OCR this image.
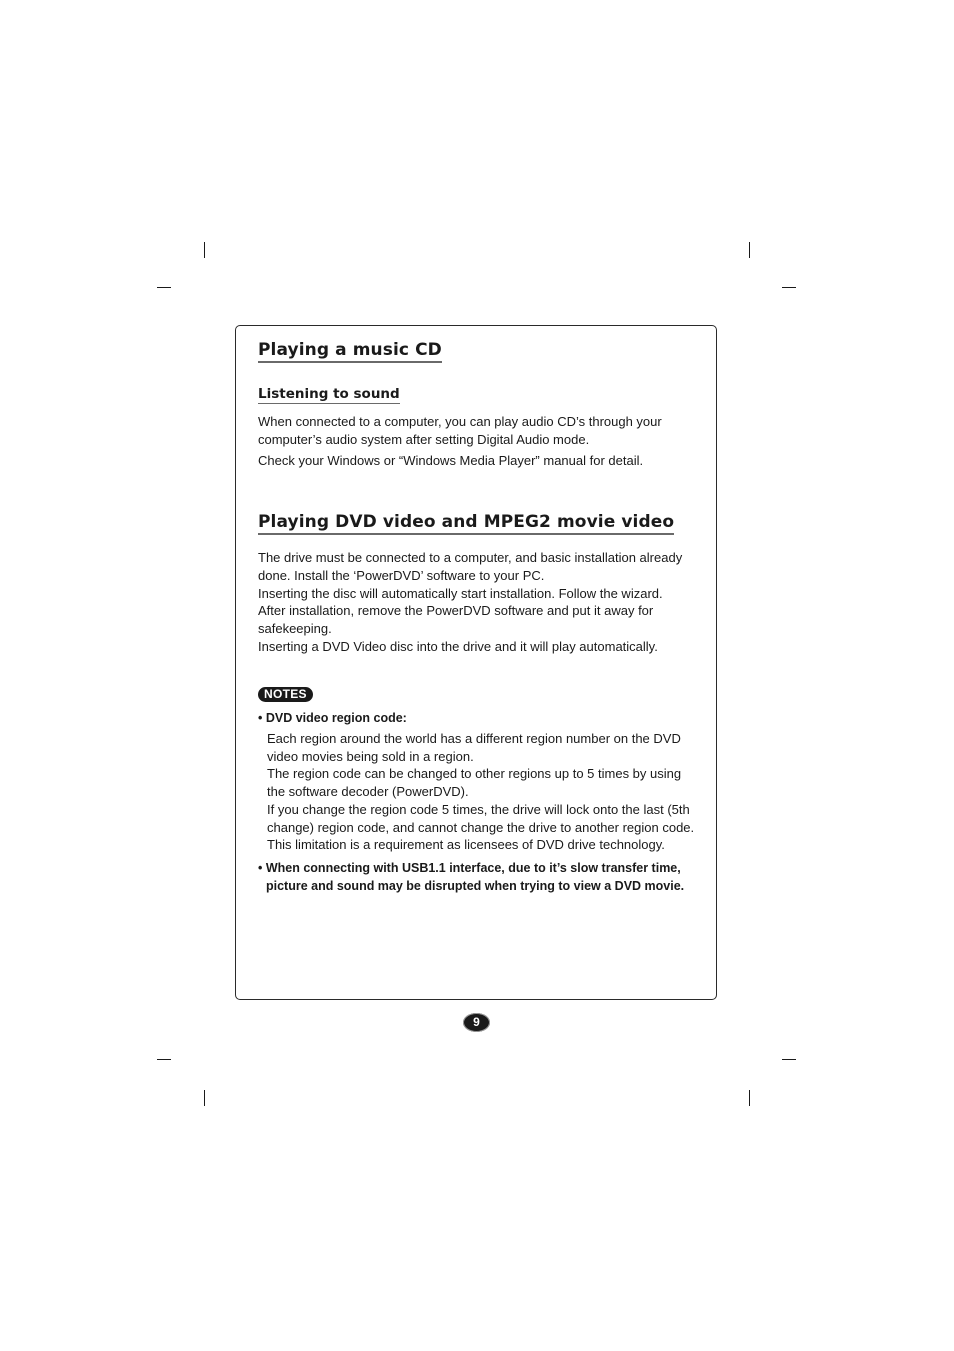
Playing a music CD
Listening to sound

When connected to a computer, you can play audio CD’s through your computer’s audio system after setting Digital Audio mode.

Check your Windows or “Windows Media Player” manual for detail.

Playing DVD video and MPEG2 movie video

The drive must be connected to a computer, and basic installation already done. Install the ‘PowerDVD’ software to your PC.

Inserting the disc will automatically start installation. Follow the wizard.

After installation, remove the PowerDVD software and put it away for safekeeping.

Inserting a DVD Video disc into the drive and it will play automatically.

NOTES

• DVD video region code:

Each region around the world has a different region number on the DVD video movies being sold in a region.

The region code can be changed to other regions up to 5 times by using the software decoder (PowerDVD).

If you change the region code 5 times, the drive will lock onto the last (5th change) region code, and cannot change the drive to another region code. This limitation is a requirement as licensees of DVD drive technology.

• When connecting with USB1.1 interface, due to it’s slow transfer time, picture and sound may be disrupted when trying to view a DVD movie.

9
